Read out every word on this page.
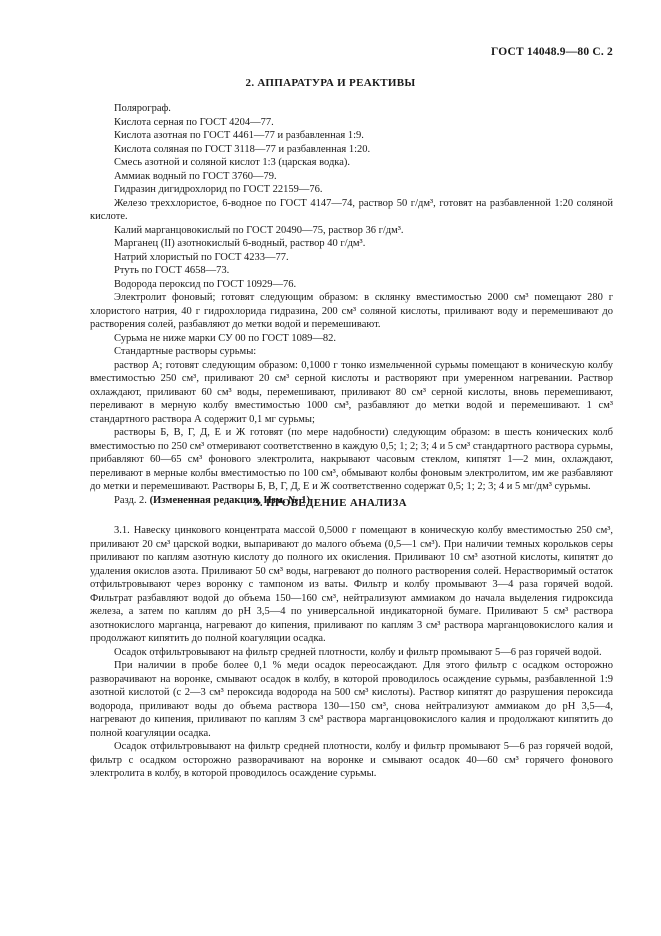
ГОСТ 14048.9—80 С. 2
2. АППАРАТУРА И РЕАКТИВЫ

Полярограф.

Кислота серная по ГОСТ 4204—77.

Кислота азотная по ГОСТ 4461—77 и разбавленная 1:9.

Кислота соляная по ГОСТ 3118—77 и разбавленная 1:20.

Смесь азотной и соляной кислот 1:3 (царская водка).

Аммиак водный по ГОСТ 3760—79.

Гидразин дигидрохлорид по ГОСТ 22159—76.

Железо треххлористое, 6-водное по ГОСТ 4147—74, раствор 50 г/дм³, готовят на разбавленной 1:20 соляной кислоте.

Калий марганцовокислый по ГОСТ 20490—75, раствор 36 г/дм³.

Марганец (II) азотнокислый 6-водный, раствор 40 г/дм³.

Натрий хлористый по ГОСТ 4233—77.

Ртуть по ГОСТ 4658—73.

Водорода пероксид по ГОСТ 10929—76.

Электролит фоновый; готовят следующим образом: в склянку вместимостью 2000 см³ помещают 280 г хлористого натрия, 40 г гидрохлорида гидразина, 200 см³ соляной кислоты, приливают воду и перемешивают до растворения солей, разбавляют до метки водой и перемешивают.

Сурьма не ниже марки СУ 00 по ГОСТ 1089—82.

Стандартные растворы сурьмы:

раствор А; готовят следующим образом: 0,1000 г тонко измельченной сурьмы помещают в коническую колбу вместимостью 250 см³, приливают 20 см³ серной кислоты и растворяют при умеренном нагревании. Раствор охлаждают, приливают 60 см³ воды, перемешивают, приливают 80 см³ серной кислоты, вновь перемешивают, переливают в мерную колбу вместимостью 1000 см³, разбавляют до метки водой и перемешивают. 1 см³ стандартного раствора А содержит 0,1 мг сурьмы;

растворы Б, В, Г, Д, Е и Ж готовят (по мере надобности) следующим образом: в шесть конических колб вместимостью по 250 см³ отмеривают соответственно в каждую 0,5; 1; 2; 3; 4 и 5 см³ стандартного раствора сурьмы, прибавляют 60—65 см³ фонового электролита, накрывают часовым стеклом, кипятят 1—2 мин, охлаждают, переливают в мерные колбы вместимостью по 100 см³, обмывают колбы фоновым электролитом, им же разбавляют до метки и перемешивают. Растворы Б, В, Г, Д, Е и Ж соответственно содержат 0,5; 1; 2; 3; 4 и 5 мг/дм³ сурьмы.

Разд. 2. (Измененная редакция, Изм. № 1).

3. ПРОВЕДЕНИЕ АНАЛИЗА

3.1. Навеску цинкового концентрата массой 0,5000 г помещают в коническую колбу вместимостью 250 см³, приливают 20 см³ царской водки, выпаривают до малого объема (0,5—1 см³). При наличии темных корольков серы приливают по каплям азотную кислоту до полного их окисления. Приливают 10 см³ азотной кислоты, кипятят до удаления окислов азота. Приливают 50 см³ воды, нагревают до полного растворения солей. Нерастворимый остаток отфильтровывают через воронку с тампоном из ваты. Фильтр и колбу промывают 3—4 раза горячей водой. Фильтрат разбавляют водой до объема 150—160 см³, нейтрализуют аммиаком до начала выделения гидроксида железа, а затем по каплям до рН 3,5—4 по универсальной индикаторной бумаге. Приливают 5 см³ раствора азотнокислого марганца, нагревают до кипения, приливают по каплям 3 см³ раствора марганцовокислого калия и продолжают кипятить до полной коагуляции осадка.

Осадок отфильтровывают на фильтр средней плотности, колбу и фильтр промывают 5—6 раз горячей водой.

При наличии в пробе более 0,1 % меди осадок переосаждают. Для этого фильтр с осадком осторожно разворачивают на воронке, смывают осадок в колбу, в которой проводилось осаждение сурьмы, разбавленной 1:9 азотной кислотой (с 2—3 см³ пероксида водорода на 500 см³ кислоты). Раствор кипятят до разрушения пероксида водорода, приливают воды до объема раствора 130—150 см³, снова нейтрализуют аммиаком до рН 3,5—4, нагревают до кипения, приливают по каплям 3 см³ раствора марганцовокислого калия и продолжают кипятить до полной коагуляции осадка.

Осадок отфильтровывают на фильтр средней плотности, колбу и фильтр промывают 5—6 раз горячей водой, фильтр с осадком осторожно разворачивают на воронке и смывают осадок 40—60 см³ горячего фонового электролита в колбу, в которой проводилось осаждение сурьмы.
